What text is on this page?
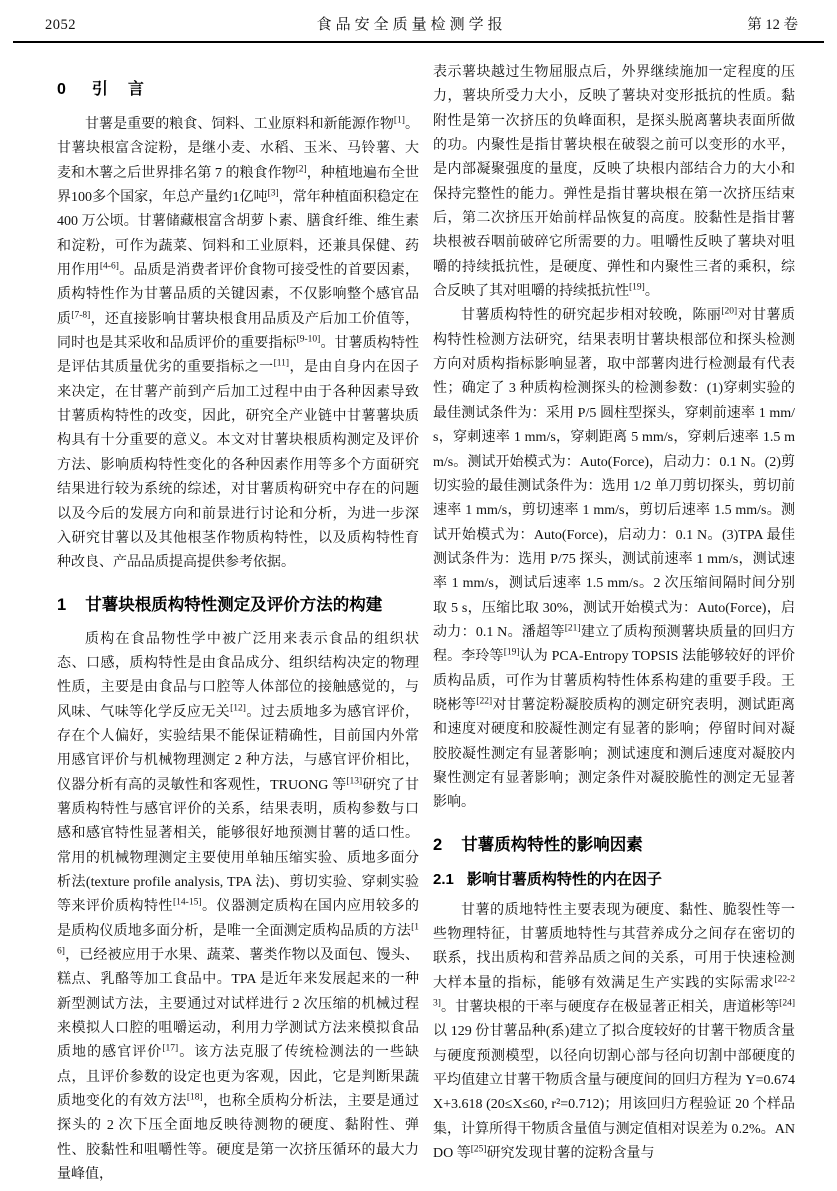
2052	食品安全质量检测学报	第 12 卷
0 引　言

甘薯是重要的粮食、饲料、工业原料和新能源作物[1]。甘薯块根富含淀粉，是继小麦、水稻、玉米、马铃薯、大麦和木薯之后世界排名第 7 的粮食作物[2]，种植地遍布全世界100多个国家，年总产量约1亿吨[3]，常年种植面积稳定在 400 万公顷。甘薯储藏根富含胡萝卜素、膳食纤维、维生素和淀粉，可作为蔬菜、饲料和工业原料，还兼具保健、药用作用[4-6]。品质是消费者评价食物可接受性的首要因素，质构特性作为甘薯品质的关键因素，不仅影响整个感官品质[7-8]，还直接影响甘薯块根食用品质及产后加工价值等，同时也是其采收和品质评价的重要指标[9-10]。甘薯质构特性是评估其质量优劣的重要指标之一[11]，是由自身内在因子来决定，在甘薯产前到产后加工过程中由于各种因素导致甘薯质构特性的改变，因此，研究全产业链中甘薯薯块质构具有十分重要的意义。本文对甘薯块根质构测定及评价方法、影响质构特性变化的各种因素作用等多个方面研究结果进行较为系统的综述，对甘薯质构研究中存在的问题以及今后的发展方向和前景进行讨论和分析，为进一步深入研究甘薯以及其他根茎作物质构特性，以及质构特性育种改良、产品品质提高提供参考依据。

1 甘薯块根质构特性测定及评价方法的构建

质构在食品物性学中被广泛用来表示食品的组织状态、口感，质构特性是由食品成分、组织结构决定的物理性质，主要是由食品与口腔等人体部位的接触感觉的，与风味、气味等化学反应无关[12]。过去质地多为感官评价，存在个人偏好，实验结果不能保证精确性，目前国内外常用感官评价与机械物理测定 2 种方法，与感官评价相比，仪器分析有高的灵敏性和客观性，TRUONG 等[13]研究了甘薯质构特性与感官评价的关系，结果表明，质构参数与口感和感官特性显著相关，能够很好地预测甘薯的适口性。常用的机械物理测定主要使用单轴压缩实验、质地多面分析法(texture profile analysis, TPA 法)、剪切实验、穿刺实验等来评价质构特性[14-15]。仪器测定质构在国内应用较多的是质构仪质地多面分析，是唯一全面测定质构品质的方法[16]，已经被应用于水果、蔬菜、薯类作物以及面包、馒头、糕点、乳酪等加工食品中。TPA 是近年来发展起来的一种新型测试方法，主要通过对试样进行 2 次压缩的机械过程来模拟人口腔的咀嚼运动，利用力学测试方法来模拟食品质地的感官评价[17]。该方法克服了传统检测法的一些缺点，且评价参数的设定也更为客观，因此，它是判断果蔬质地变化的有效方法[18]，也称全质构分析法，主要是通过探头的 2 次下压全面地反映待测物的硬度、黏附性、弹性、胶黏性和咀嚼性等。硬度是第一次挤压循环的最大力量峰值，

表示薯块越过生物屈服点后，外界继续施加一定程度的压力，薯块所受力大小，反映了薯块对变形抵抗的性质。黏附性是第一次挤压的负峰面积，是探头脱离薯块表面所做的功。内聚性是指甘薯块根在破裂之前可以变形的水平，是内部凝聚强度的量度，反映了块根内部结合力的大小和保持完整性的能力。弹性是指甘薯块根在第一次挤压结束后，第二次挤压开始前样品恢复的高度。胶黏性是指甘薯块根被吞咽前破碎它所需要的力。咀嚼性反映了薯块对咀嚼的持续抵抗性，是硬度、弹性和内聚性三者的乘积，综合反映了其对咀嚼的持续抵抗性[19]。

甘薯质构特性的研究起步相对较晚，陈丽[20]对甘薯质构特性检测方法研究，结果表明甘薯块根部位和探头检测方向对质构指标影响显著，取中部薯肉进行检测最有代表性；确定了 3 种质构检测探头的检测参数：(1)穿刺实验的最佳测试条件为：采用 P/5 圆柱型探头，穿刺前速率 1 mm/s，穿刺速率 1 mm/s，穿刺距离 5 mm/s，穿刺后速率 1.5 mm/s。测试开始模式为：Auto(Force)，启动力：0.1 N。(2)剪切实验的最佳测试条件为：选用 1/2 单刀剪切探头，剪切前速率 1 mm/s，剪切速率 1 mm/s，剪切后速率 1.5 mm/s。测试开始模式为：Auto(Force)，启动力：0.1 N。(3)TPA 最佳测试条件为：选用 P/75 探头，测试前速率 1 mm/s，测试速率 1 mm/s，测试后速率 1.5 mm/s。2 次压缩间隔时间分别取 5 s，压缩比取 30%，测试开始模式为：Auto(Force)，启动力：0.1 N。潘超等[21]建立了质构预测薯块质量的回归方程。李玲等[19]认为 PCA-Entropy TOPSIS 法能够较好的评价质构品质，可作为甘薯质构特性体系构建的重要手段。王晓彬等[22]对甘薯淀粉凝胶质构的测定研究表明，测试距离和速度对硬度和胶凝性测定有显著的影响；停留时间对凝胶胶凝性测定有显著影响；测试速度和测后速度对凝胶内聚性测定有显著影响；测定条件对凝胶脆性的测定无显著影响。

2 甘薯质构特性的影响因素
2.1 影响甘薯质构特性的内在因子

甘薯的质地特性主要表现为硬度、黏性、脆裂性等一些物理特征，甘薯质地特性与其营养成分之间存在密切的联系，找出质构和营养品质之间的关系，可用于快速检测大样本量的指标，能够有效满足生产实践的实际需求[22-23]。甘薯块根的干率与硬度存在极显著正相关，唐道彬等[24]以 129 份甘薯品种(系)建立了拟合度较好的甘薯干物质含量与硬度预测模型，以径向切割心部与径向切割中部硬度的平均值建立甘薯干物质含量与硬度间的回归方程为 Y=0.674X+3.618 (20≤X≤60, r²=0.712)；用该回归方程验证 20 个样品集，计算所得干物质含量值与测定值相对误差为 0.2%。ANDO 等[25]研究发现甘薯的淀粉含量与
